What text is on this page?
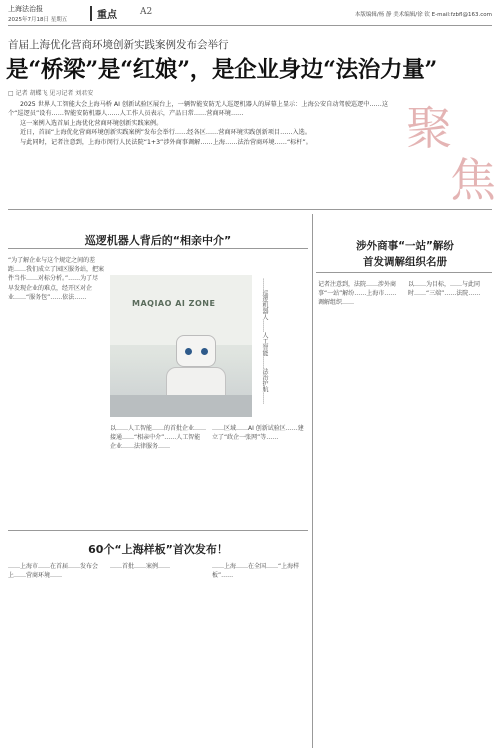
上海法治报
2025年7月18日 星期五	重点	A2	本版编辑/杨 静 美术编辑/徐 钦 E-mail:fzbfl@163.com
首届上海优化营商环境创新实践案例发布会举行
是“桥梁”是“红娘”，是企业身边“法治力量”
□ 记者 胡蝶飞 见习记者 刘君安

2025 世界人工智能大会上海马桥 AI 创新试验区展台上，一辆智能安防无人巡逻机器人的屏幕上显示：上海公安自动驾驶巡逻中……这个“巡逻员”设有……智能安防机器人……人工作人员表示，产品日常……营商环境……

这一案例入选首届上海优化营商环境创新实践案例。

近日，首届“上海优化营商环境创新实践案例”发布会举行……经各区……营商环境实践创新项目……入选。

与此同时，记者注意到，上海市闵行人民法院“1+3”涉外商事调解……上海……法治营商环境……“标杆”。	聚
焦
巡逻机器人背后的“相亲中介”
“为了解企业与这个规定之间的差距……我们成立了园区服务站，把案件当作……对标分析。”……为了尽早发现企业的难点，经开区对企业……“服务包”……依法……
MAQIAO AI ZONE	……巡逻机器人……人工智能……法治护航……
以……人工智能……的首批企业……接通……“相亲中介”……人工智能企业……法律服务……
……区域……AI 创新试验区……建立了“政企一张网”等……
60个“上海样板”首次发布！
……上海市……在首届……发布会上……营商环境……
……首批……案例……	……上海……在全国……“上海样板”……
涉外商事“一站”解纷
首发调解组织名册
记者注意到，法院……涉外商事“一站”解纷……上海市……调解组织……
以……为目标，……与此同时……“三端”……法院……
